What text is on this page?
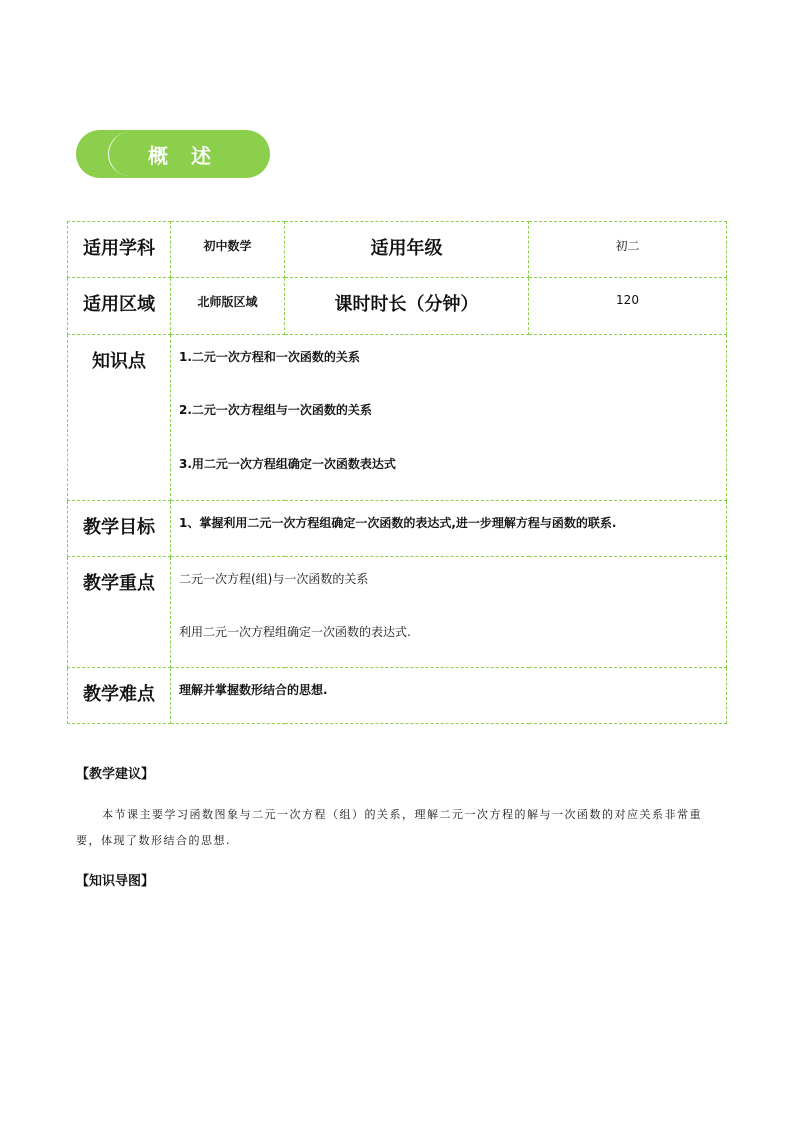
概 述
适用学科	初中数学	适用年级	初二
适用区域	北师版区域	课时时长（分钟）	120
知识点	1.二元一次方程和一次函数的关系
2.二元一次方程组与一次函数的关系
3.用二元一次方程组确定一次函数表达式		

教学目标	1、掌握利用二元一次方程组确定一次函数的表达式,进一步理解方程与函数的联系.		

教学重点	二元一次方程(组)与一次函数的关系
利用二元一次方程组确定一次函数的表达式.		

教学难点	理解并掌握数形结合的思想.		
【教学建议】
本节课主要学习函数图象与二元一次方程（组）的关系，理解二元一次方程的解与一次函数的对应关系非常重要，体现了数形结合的思想.
【知识导图】
